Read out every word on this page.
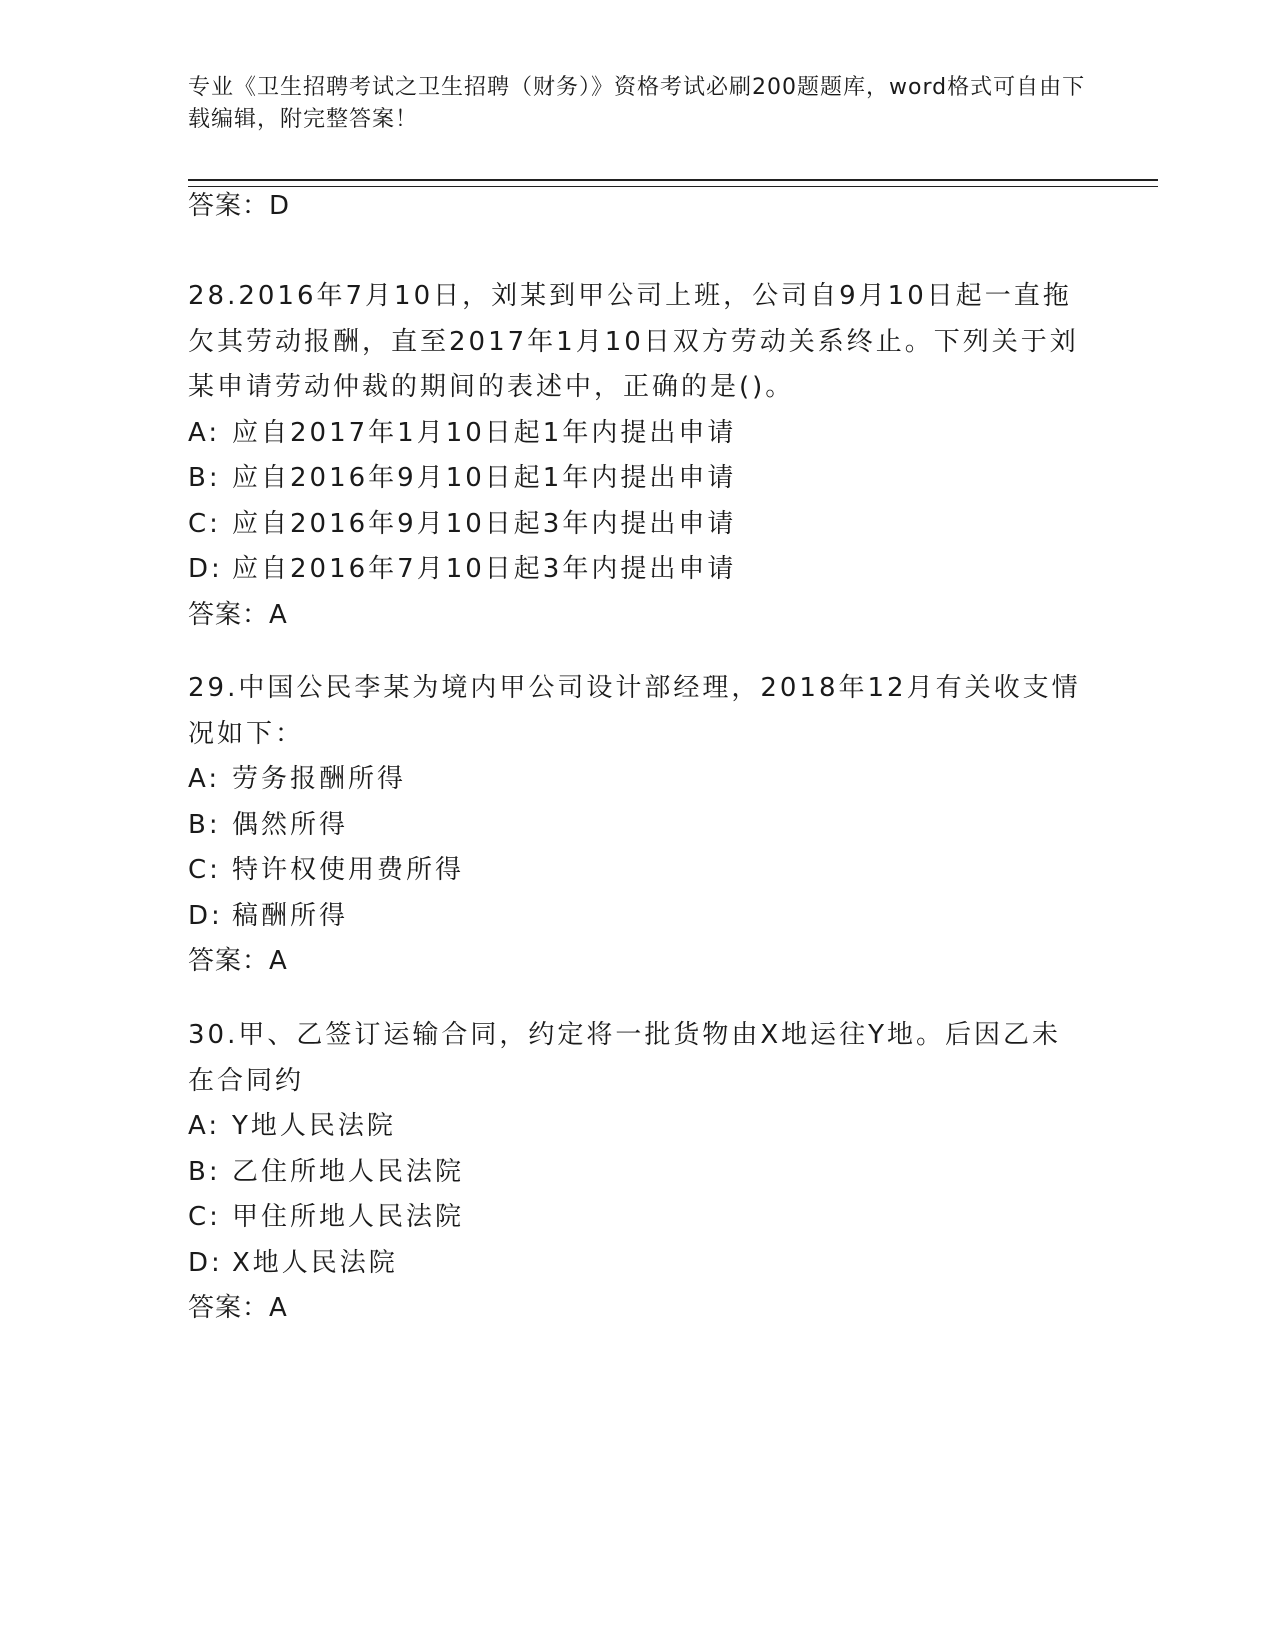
专业《卫生招聘考试之卫生招聘（财务）》资格考试必刷200题题库，word格式可自由下载编辑，附完整答案！
答案：D
28.2016年7月10日，刘某到甲公司上班，公司自9月10日起一直拖欠其劳动报酬，直至2017年1月10日双方劳动关系终止。下列关于刘某申请劳动仲裁的期间的表述中，正确的是()。
A: 应自2017年1月10日起1年内提出申请
B: 应自2016年9月10日起1年内提出申请
C: 应自2016年9月10日起3年内提出申请
D: 应自2016年7月10日起3年内提出申请
答案：A
29.中国公民李某为境内甲公司设计部经理，2018年12月有关收支情况如下：
A: 劳务报酬所得
B: 偶然所得
C: 特许权使用费所得
D: 稿酬所得
答案：A
30.甲、乙签订运输合同，约定将一批货物由X地运往Y地。后因乙未在合同约
A: Y地人民法院
B: 乙住所地人民法院
C: 甲住所地人民法院
D: X地人民法院
答案：A
